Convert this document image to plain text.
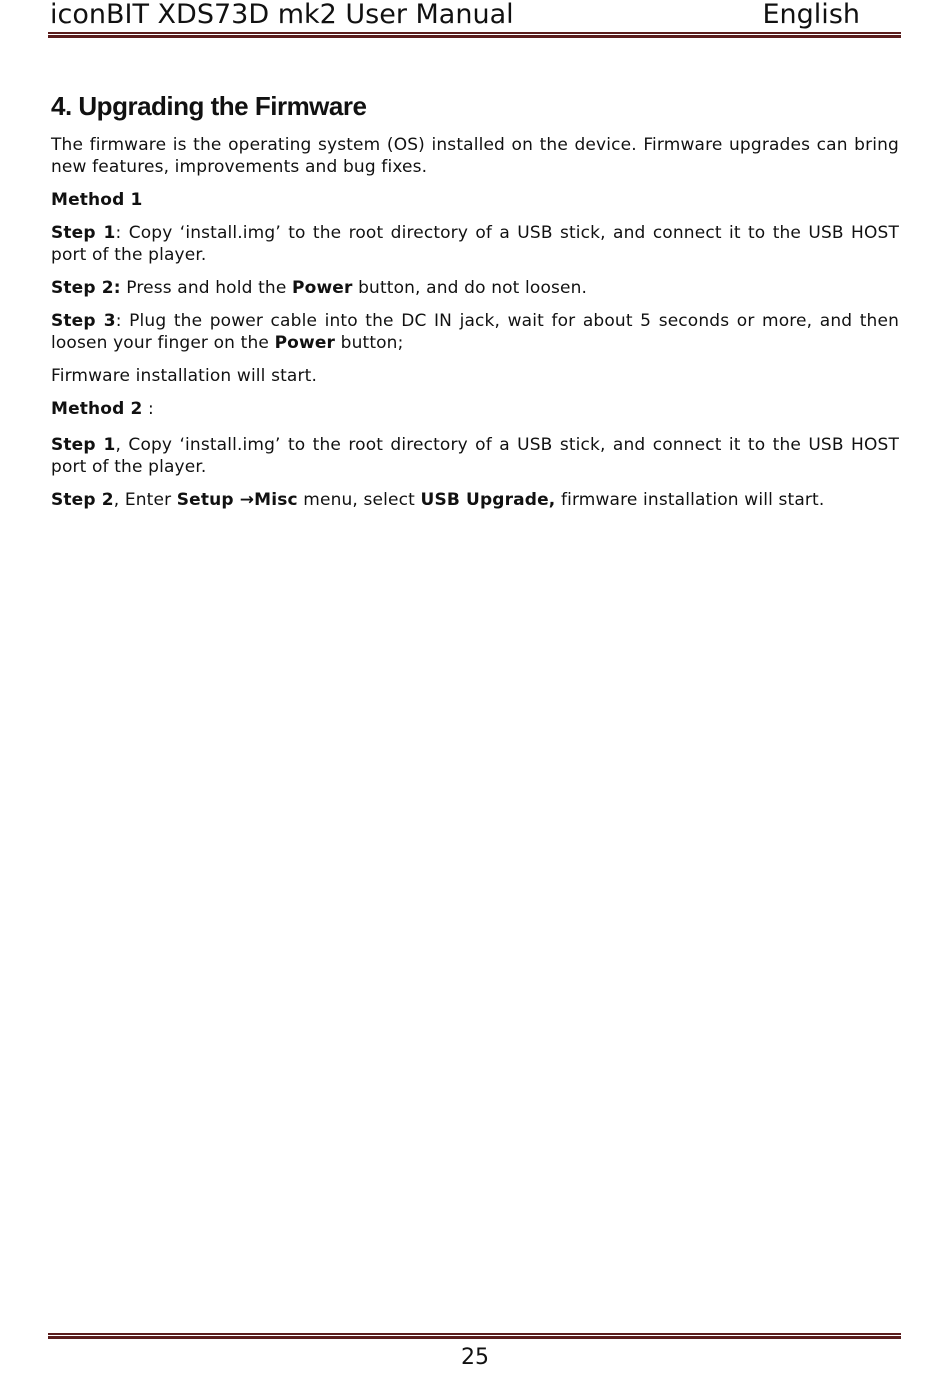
iconBIT XDS73D mk2 User Manual	English
4. Upgrading the Firmware

The firmware is the operating system (OS) installed on the device. Firmware upgrades can bring new features, improvements and bug fixes.

Method 1

Step 1: Copy ‘install.img’ to the root directory of a USB stick, and connect it to the USB HOST port of the player.

Step 2: Press and hold the Power button, and do not loosen.

Step 3: Plug the power cable into the DC IN jack, wait for about 5 seconds or more, and then loosen your finger on the Power button;

Firmware installation will start.

Method 2 :

Step 1, Copy ‘install.img’ to the root directory of a USB stick, and connect it to the USB HOST port of the player.

Step 2, Enter Setup →Misc menu, select USB Upgrade, firmware installation will start.

25
